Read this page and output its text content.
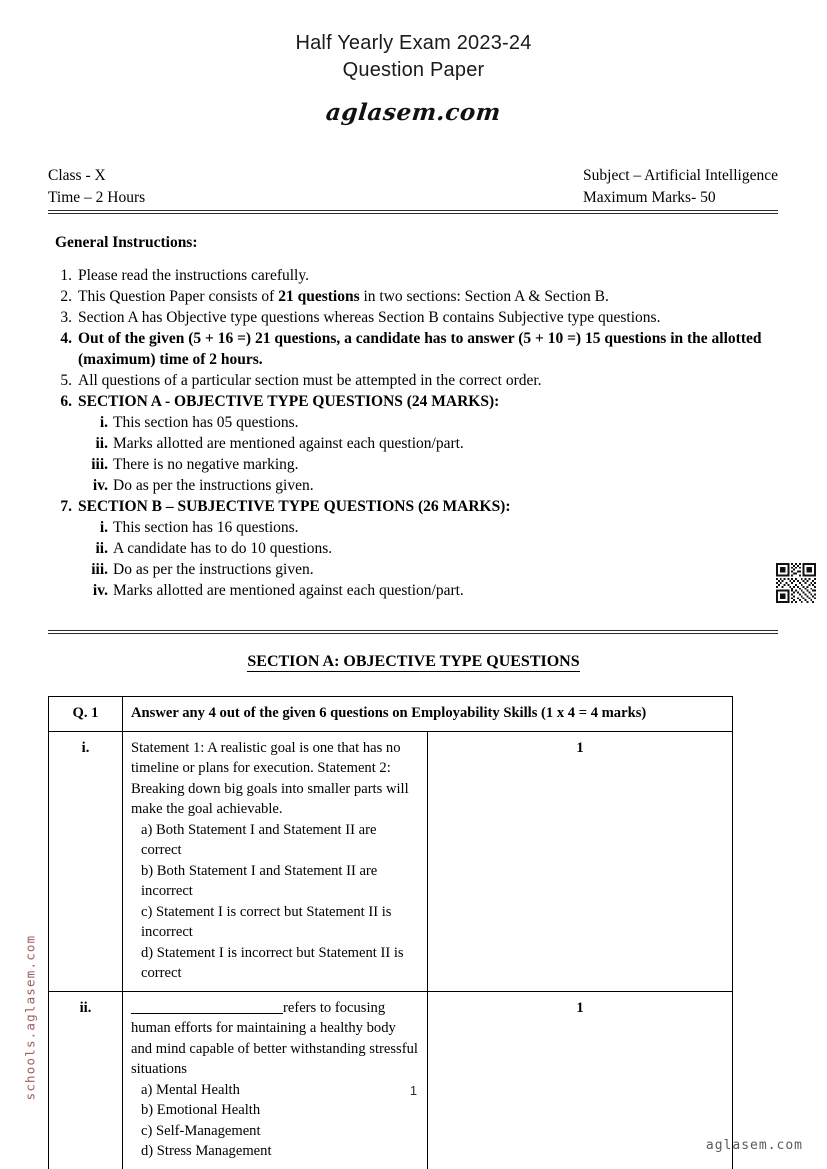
Half Yearly Exam 2023-24
Question Paper
aglasem.com
Class - X
Time – 2 Hours
Subject – Artificial Intelligence
Maximum Marks- 50
General Instructions:
1. Please read the instructions carefully.
2. This Question Paper consists of 21 questions in two sections: Section A & Section B.
3. Section A has Objective type questions whereas Section B contains Subjective type questions.
4. Out of the given (5 + 16 =) 21 questions, a candidate has to answer (5 + 10 =) 15 questions in the allotted (maximum) time of 2 hours.
5. All questions of a particular section must be attempted in the correct order.
6. SECTION A - OBJECTIVE TYPE QUESTIONS (24 MARKS):
i. This section has 05 questions.
ii. Marks allotted are mentioned against each question/part.
iii. There is no negative marking.
iv. Do as per the instructions given.
7. SECTION B – SUBJECTIVE TYPE QUESTIONS (26 MARKS):
i. This section has 16 questions.
ii. A candidate has to do 10 questions.
iii. Do as per the instructions given.
iv. Marks allotted are mentioned against each question/part.
SECTION A: OBJECTIVE TYPE QUESTIONS
Q. 1	Answer any 4 out of the given 6 questions on Employability Skills (1 x 4 = 4 marks)	
i.	Statement 1: A realistic goal is one that has no timeline or plans for execution. Statement 2: Breaking down big goals into smaller parts will make the goal achievable.
a) Both Statement I and Statement II are correct
b) Both Statement I and Statement II are incorrect
c) Statement I is correct but Statement II is incorrect
d) Statement I is incorrect but Statement II is correct	1
ii.	refers to focusing human efforts for maintaining a healthy body and mind capable of better withstanding stressful situations
a) Mental Health
b) Emotional Health
c) Self-Management
d) Stress Management	1
1
aglasem.com
schools.aglasem.com
